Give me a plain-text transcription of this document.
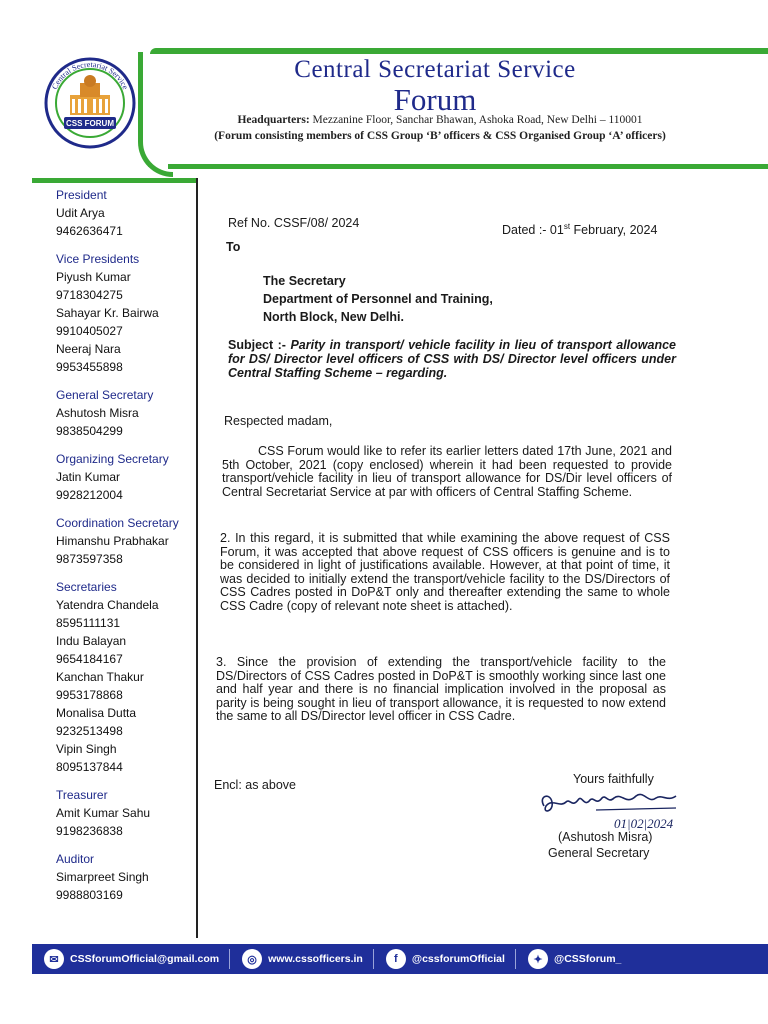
CSS FORUM
Central Secretariat Service
Central Secretariat Service
Forum
Headquarters: Mezzanine Floor, Sanchar Bhawan, Ashoka Road, New Delhi – 110001
(Forum consisting members of CSS Group ‘B’ officers & CSS Organised Group ‘A’ officers)
President
Udit Arya
9462636471
Vice Presidents
Piyush Kumar
9718304275
Sahayar Kr. Bairwa
9910405027
Neeraj Nara
9953455898
General Secretary
Ashutosh Misra
9838504299
Organizing Secretary
Jatin Kumar
9928212004
Coordination Secretary
Himanshu Prabhakar
9873597358
Secretaries
Yatendra Chandela
8595111131
Indu Balayan
9654184167
Kanchan Thakur
9953178868
Monalisa Dutta
9232513498
Vipin Singh
8095137844
Treasurer
Amit Kumar Sahu
9198236838
Auditor
Simarpreet Singh
9988803169
Ref No. CSSF/08/ 2024
Dated :- 01st February, 2024
To
The Secretary
Department of Personnel and Training,
North Block, New Delhi.
Subject :- Parity in transport/ vehicle facility in lieu of transport allowance for DS/ Director level officers of CSS with DS/ Director level officers under Central Staffing Scheme – regarding.
Respected madam,
CSS Forum would like to refer its earlier letters dated 17th June, 2021 and 5th October, 2021 (copy enclosed) wherein it had been requested to provide transport/vehicle facility in lieu of transport allowance for DS/Dir level officers of Central Secretariat Service at par with officers of Central Staffing Scheme.
2. In this regard, it is submitted that while examining the above request of CSS Forum, it was accepted that above request of CSS officers is genuine and is to be considered in light of justifications available. However, at that point of time, it was decided to initially extend the transport/vehicle facility to the DS/Directors of CSS Cadres posted in DoP&T only and thereafter extending the same to whole CSS Cadre (copy of relevant note sheet is attached).
3. Since the provision of extending the transport/vehicle facility to the DS/Directors of CSS Cadres posted in DoP&T is smoothly working since last one and half year and there is no financial implication involved in the proposal as parity is being sought in lieu of transport allowance, it is requested to now extend the same to all DS/Director level officer in CSS Cadre.
Encl: as above	Yours faithfully
01|02|2024
(Ashutosh Misra)
General Secretary
✉	CSSforumOfficial@gmail.com	◎	www.cssofficers.in	f	@cssforumOfficial	✦	@CSSforum_
